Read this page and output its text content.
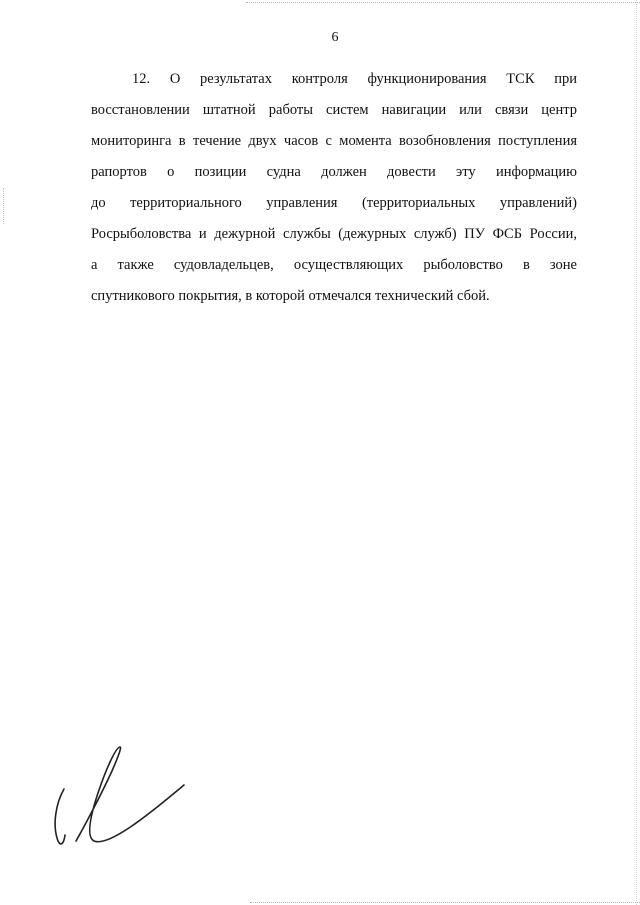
6
12. О результатах контроля функционирования ТСК при
восстановлении штатной работы систем навигации или связи центр
мониторинга в течение двух часов с момента возобновления поступления
рапортов о позиции судна должен довести эту информацию
до территориального управления (территориальных управлений)
Росрыболовства и дежурной службы (дежурных служб) ПУ ФСБ России,
а также судовладельцев, осуществляющих рыболовство в зоне
спутникового покрытия, в которой отмечался технический сбой.
